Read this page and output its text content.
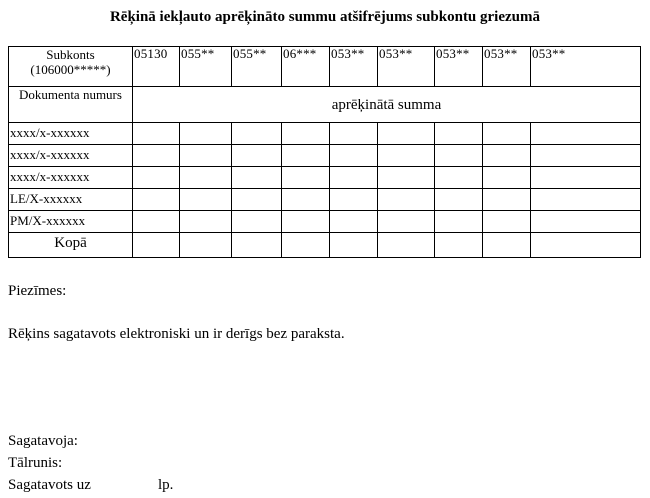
Rēķinā iekļauto aprēķināto summu atšifrējums subkontu griezumā
Subkonts (106000*****)	05130	055**	055**	06***	053**	053**	053**	053**	053**	
Dokumenta numurs	aprēķinātā summa									
xxxx/x-xxxxxx										
xxxx/x-xxxxxx										
xxxx/x-xxxxxx										
LE/X-xxxxxx										
PM/X-xxxxxx										
Kopā										
Piezīmes:
Rēķins sagatavots elektroniski un ir derīgs bez paraksta.
Sagatavoja:
Tālrunis:
Sagatavots uz	lp.
